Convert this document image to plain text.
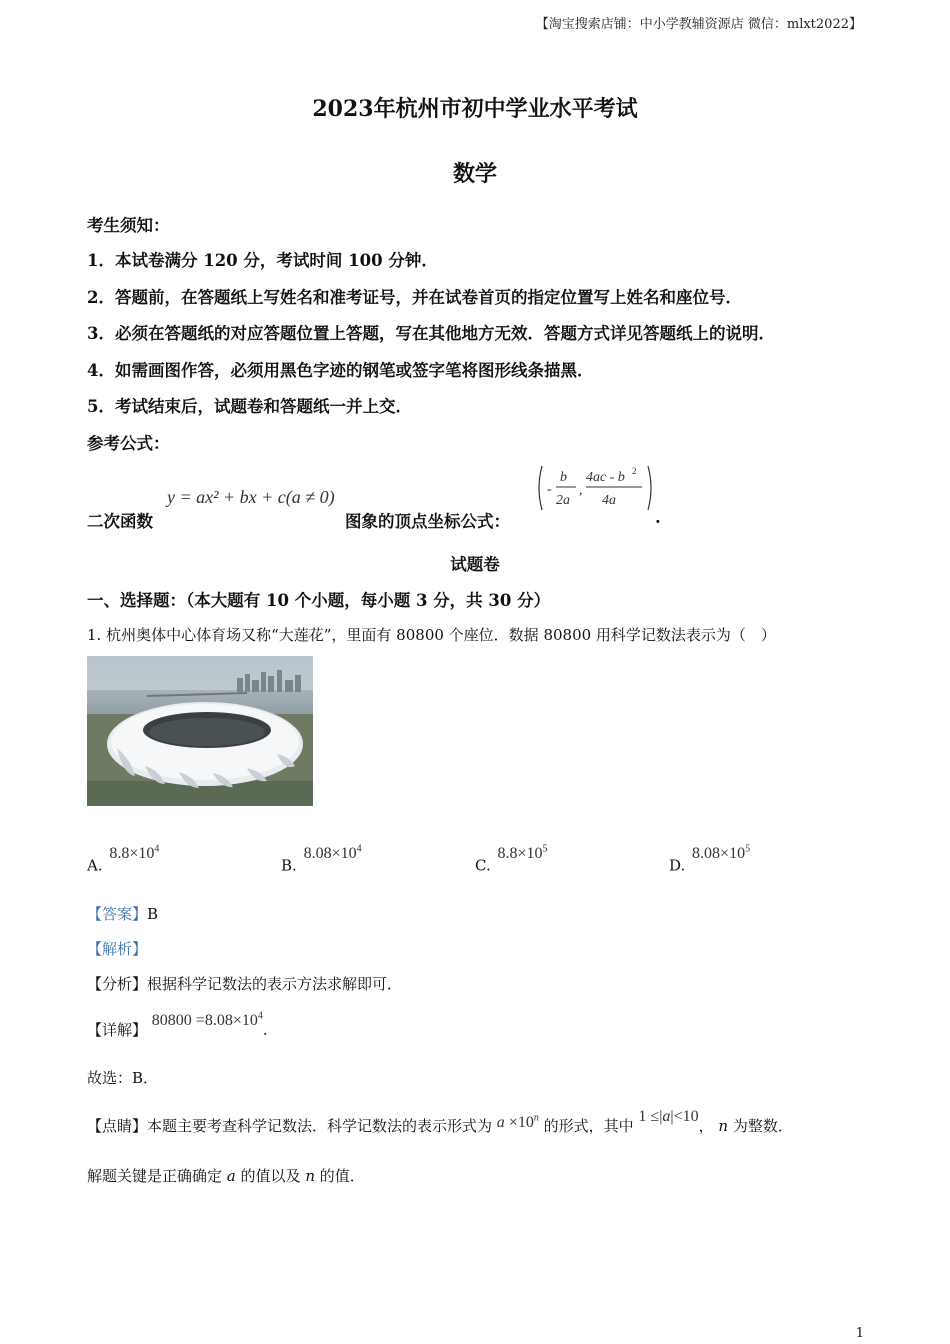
【淘宝搜索店铺：中小学教辅资源店 微信：mlxt2022】
2023年杭州市初中学业水平考试
数学
考生须知：
1．本试卷满分 120 分，考试时间 100 分钟．
2．答题前，在答题纸上写姓名和准考证号，并在试卷首页的指定位置写上姓名和座位号．
3．必须在答题纸的对应答题位置上答题，写在其他地方无效．答题方式详见答题纸上的说明．
4．如需画图作答，必须用黑色字迹的钢笔或签字笔将图形线条描黑．
5．考试结束后，试题卷和答题纸一并上交．
参考公式：
二次函数
y = ax² + bx + c(a ≠ 0)
图象的顶点坐标公式：
-
b
2a
,
4ac - b 2
4a
.
试题卷
一、选择题：（本大题有 10 个小题，每小题 3 分，共 30 分）
1. 杭州奥体中心体育场又称“大莲花”，里面有 80800 个座位．数据 80800 用科学记数法表示为（　）
A. $8.8\times 10^4$
B. $8.08\times 10^4$
C. $8.8\times 10^5$
D. $8.08\times 10^5$
【答案】B
【解析】
【分析】根据科学记数法的表示方法求解即可．
【详解】 $80800 =8.08\times 10^4$.
故选：B．
【点睛】本题主要考查科学记数法．科学记数法的表示形式为 $a \times 10^n$ 的形式，其中 1 ≤|a|<10， n 为整数．
解题关键是正确确定 a 的值以及 n 的值．
1
